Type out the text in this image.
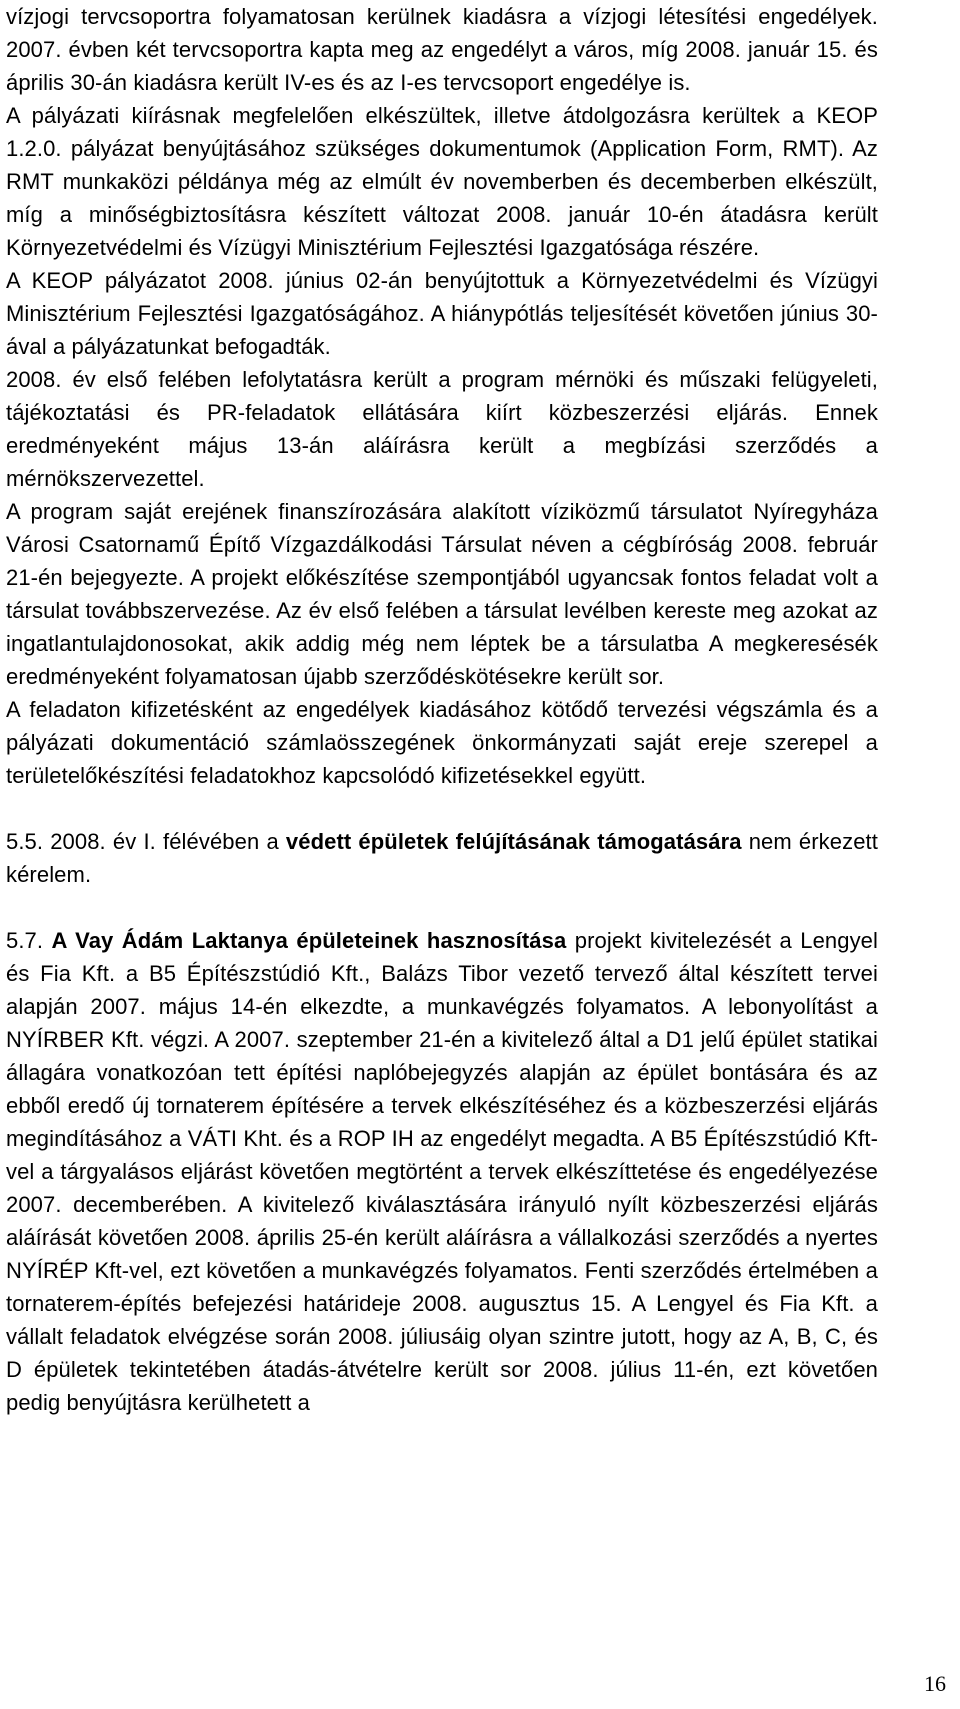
vízjogi tervcsoportra folyamatosan kerülnek kiadásra a vízjogi létesítési engedélyek. 2007. évben két tervcsoportra kapta meg az engedélyt a város, míg 2008. január 15. és április 30-án kiadásra került IV-es és az I-es tervcsoport engedélye is.

A pályázati kiírásnak megfelelően elkészültek, illetve átdolgozásra kerültek a KEOP 1.2.0. pályázat benyújtásához szükséges dokumentumok (Application Form, RMT). Az RMT munkaközi példánya még az elmúlt év novemberben és decemberben elkészült, míg a minőségbiztosításra készített változat 2008. január 10-én átadásra került Környezetvédelmi és Vízügyi Minisztérium Fejlesztési Igazgatósága részére.

A KEOP pályázatot 2008. június 02-án benyújtottuk a Környezetvédelmi és Vízügyi Minisztérium Fejlesztési Igazgatóságához. A hiánypótlás teljesítését követően június 30-ával a pályázatunkat befogadták.

2008. év első felében lefolytatásra került a program mérnöki és műszaki felügyeleti, tájékoztatási és PR-feladatok ellátására kiírt közbeszerzési eljárás. Ennek eredményeként május 13-án aláírásra került a megbízási szerződés a mérnökszervezettel.

A program saját erejének finanszírozására alakított víziközmű társulatot Nyíregyháza Városi Csatornamű Építő Vízgazdálkodási Társulat néven a cégbíróság 2008. február 21-én bejegyezte. A projekt előkészítése szempontjából ugyancsak fontos feladat volt a társulat továbbszervezése. Az év első felében a társulat levélben kereste meg azokat az ingatlantulajdonosokat, akik addig még nem léptek be a társulatba A megkeresésék eredményeként folyamatosan újabb szerződéskötésekre került sor.

A feladaton kifizetésként az engedélyek kiadásához kötődő tervezési végszámla és a pályázati dokumentáció számlaösszegének önkormányzati saját ereje szerepel a területelőkészítési feladatokhoz kapcsolódó kifizetésekkel együtt.

5.5. 2008. év I. félévében a védett épületek felújításának támogatására nem érkezett kérelem.

5.7. A Vay Ádám Laktanya épületeinek hasznosítása projekt kivitelezését a Lengyel és Fia Kft. a B5 Építészstúdió Kft., Balázs Tibor vezető tervező által készített tervei alapján 2007. május 14-én elkezdte, a munkavégzés folyamatos. A lebonyolítást a NYÍRBER Kft. végzi. A 2007. szeptember 21-én a kivitelező által a D1 jelű épület statikai állagára vonatkozóan tett építési naplóbejegyzés alapján az épület bontására és az ebből eredő új tornaterem építésére a tervek elkészítéséhez és a közbeszerzési eljárás megindításához a VÁTI Kht. és a ROP IH az engedélyt megadta. A B5 Építészstúdió Kft-vel a tárgyalásos eljárást követően megtörtént a tervek elkészíttetése és engedélyezése 2007. decemberében. A kivitelező kiválasztására irányuló nyílt közbeszerzési eljárás aláírását követően 2008. április 25-én került aláírásra a vállalkozási szerződés a nyertes NYÍRÉP Kft-vel, ezt követően a munkavégzés folyamatos. Fenti szerződés értelmében a tornaterem-építés befejezési határideje 2008. augusztus 15. A Lengyel és Fia Kft. a vállalt feladatok elvégzése során 2008. júliusáig olyan szintre jutott, hogy az A, B, C, és D épületek tekintetében átadás-átvételre került sor 2008. július 11-én, ezt követően pedig benyújtásra kerülhetett a

16
